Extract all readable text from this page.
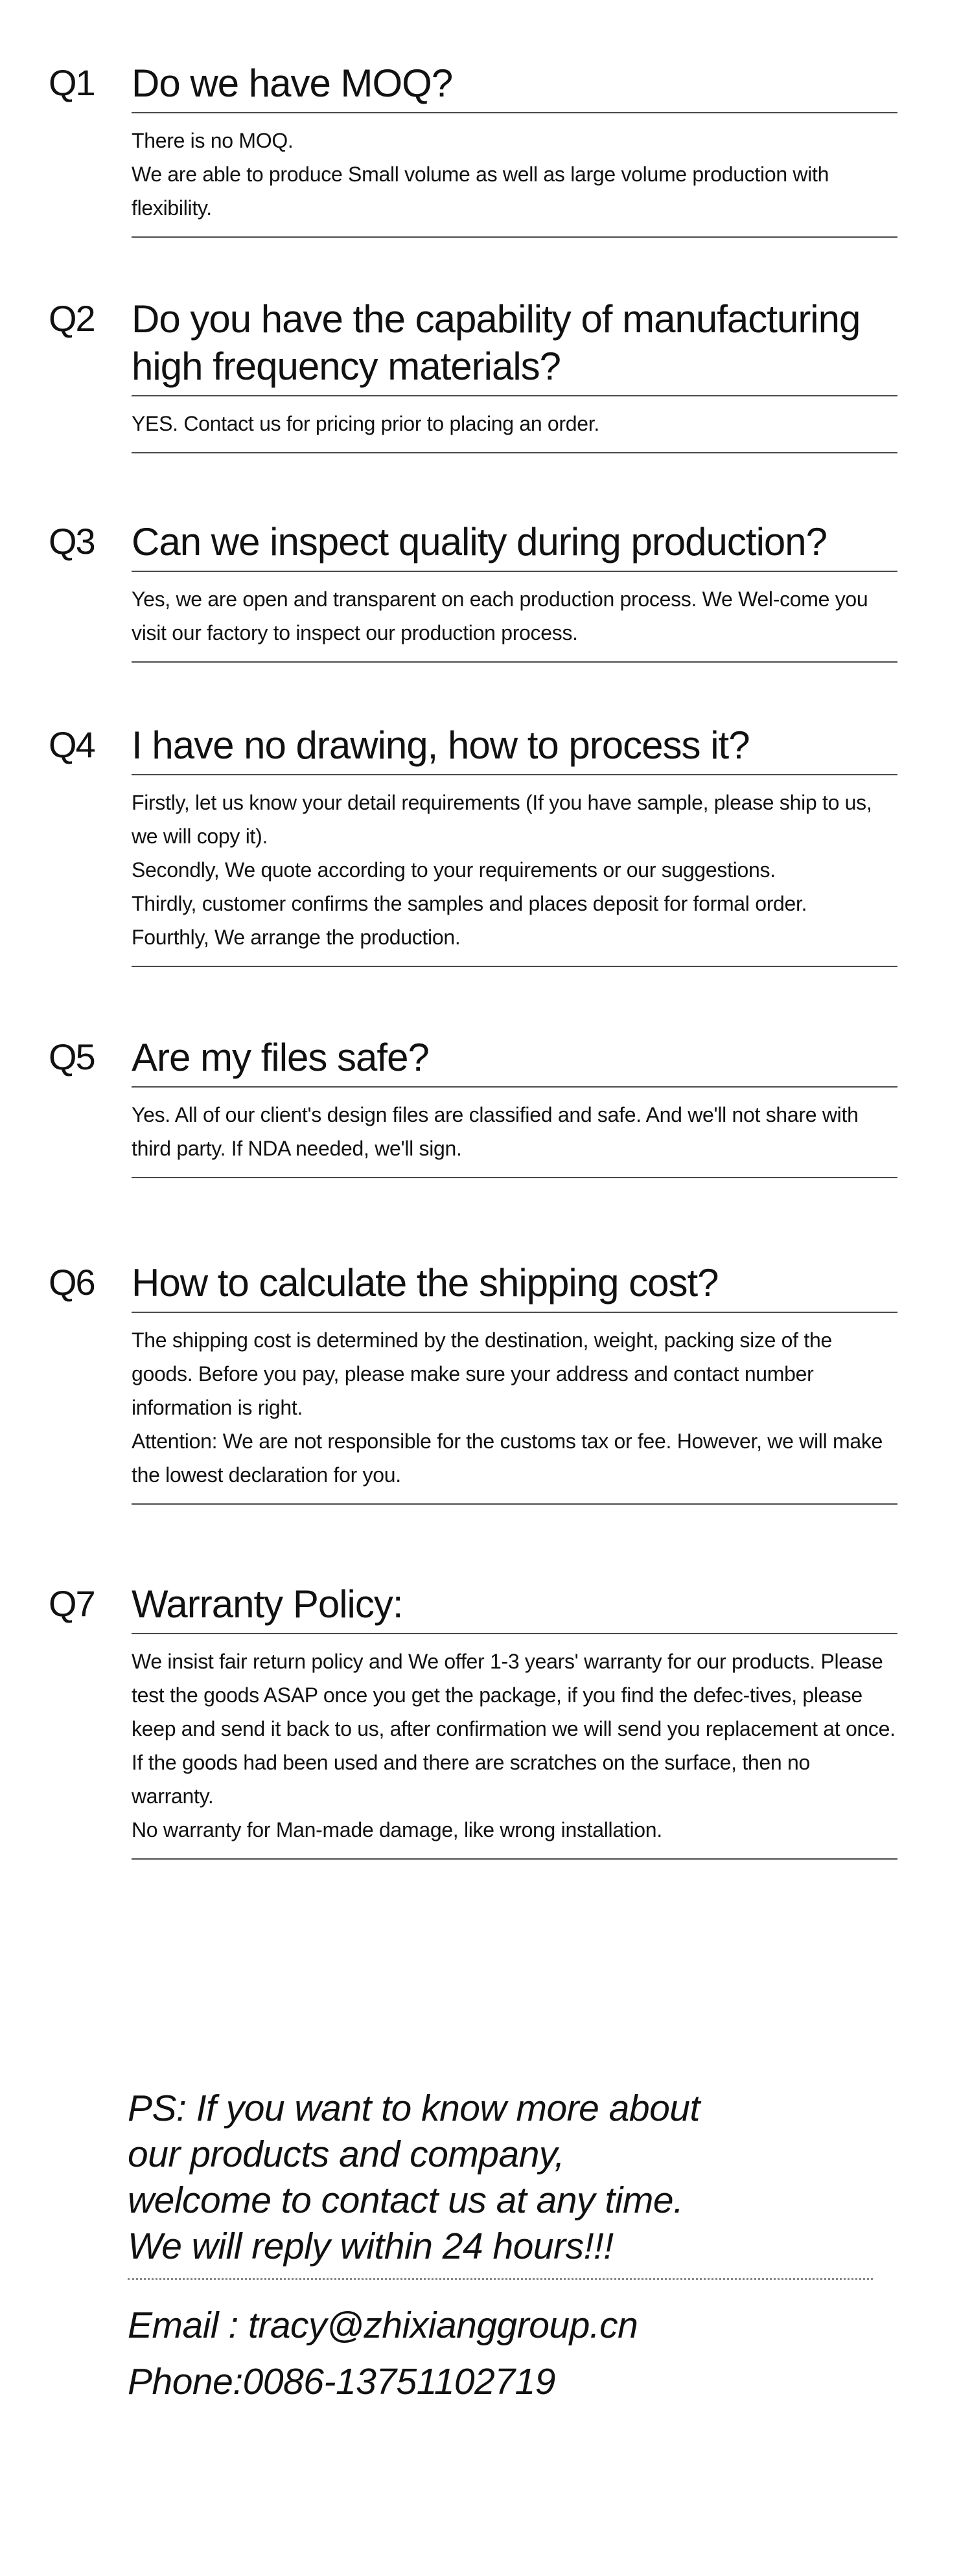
Q1 Do we have MOQ?

There is no MOQ.

We are able to produce Small volume as well as large volume production with flexibility.

Q2 Do you have the capability of manufacturing high frequency materials?

YES. Contact us for pricing prior to placing an order.

Q3 Can we inspect quality during production?

Yes, we are open and transparent on each production process. We Wel-come you visit our factory to inspect our production process.

Q4 I have no drawing, how to process it?

Firstly, let us know your detail requirements (If you have sample, please ship to us, we will copy it).

Secondly, We quote according to your requirements or our suggestions.

Thirdly, customer confirms the samples and places deposit for formal order.

Fourthly, We arrange the production.

Q5 Are my files safe?

Yes. All of our client's design files are classified and safe. And we'll not share with third party. If NDA needed, we'll sign.

Q6 How to calculate the shipping cost?

The shipping cost is determined by the destination, weight, packing size of the goods. Before you pay, please make sure your address and contact number information is right.

Attention: We are not responsible for the customs tax or fee. However, we will make the lowest declaration for you.

Q7 Warranty Policy:

We insist fair return policy and We offer 1-3 years' warranty for our products. Please test the goods ASAP once you get the package, if you find the defec-tives, please keep and send it back to us, after confirmation we will send you replacement at once.

If the goods had been used and there are scratches on the surface, then no warranty.

No warranty for Man-made damage, like wrong installation.

PS: If you want to know more about

our products and company,

welcome to contact us at any time.

We will reply within 24 hours!!!

Email : tracy@zhixianggroup.cn
Phone:0086-13751102719
